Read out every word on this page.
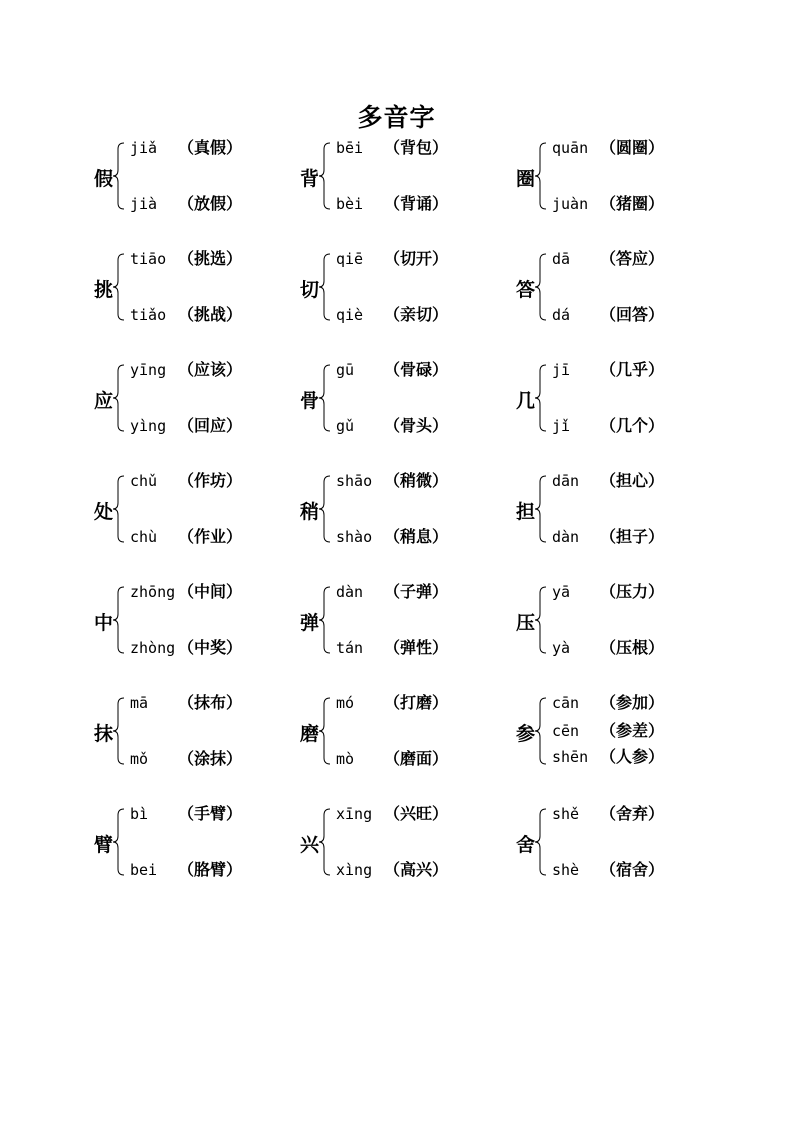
多音字
假
jiǎ （真假）
jià （放假）
背
bēi （背包）
bèi （背诵）
圈
quān （圆圈）
juàn （猪圈）
挑
tiāo （挑选）
tiǎo （挑战）
切
qiē （切开）
qiè （亲切）
答
dā （答应）
dá （回答）
应
yīng （应该）
yìng （回应）
骨
gū （骨碌）
gǔ （骨头）
几
jī （几乎）
jǐ （几个）
处
chǔ （作坊）
chù （作业）
稍
shāo （稍微）
shào （稍息）
担
dān （担心）
dàn （担子）
中
zhōng （中间）
zhòng （中奖）
弹
dàn （子弹）
tán （弹性）
压
yā （压力）
yà （压根）
抹
mā （抹布）
mǒ （涂抹）
磨
mó （打磨）
mò （磨面）
参
cān （参加）
cēn （参差）
shēn （人参）
臂
bì （手臂）
bei （胳臂）
兴
xīng （兴旺）
xìng （高兴）
舍
shě （舍弃）
shè （宿舍）
